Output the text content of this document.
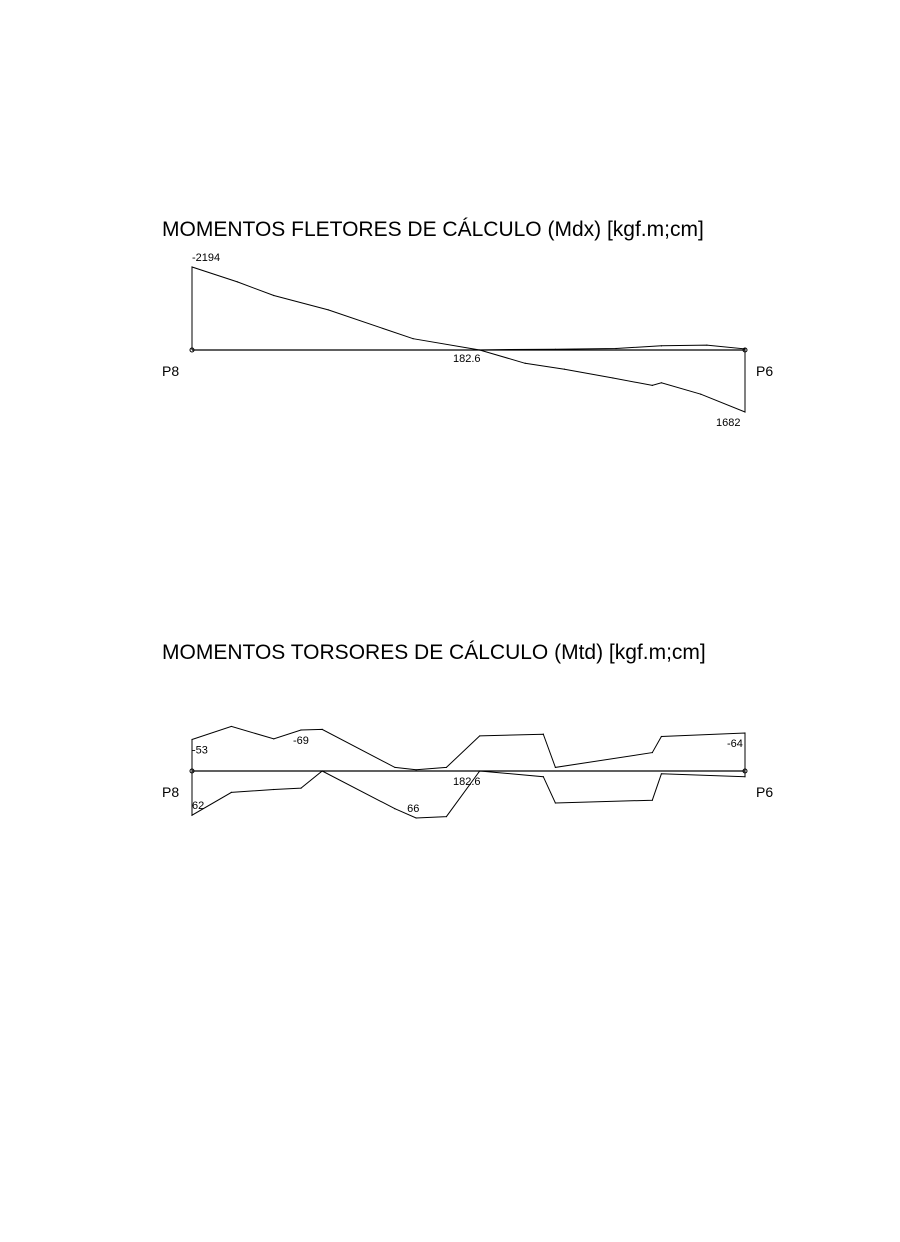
MOMENTOS FLETORES DE CÁLCULO (Mdx) [kgf.m;cm]
MOMENTOS TORSORES DE CÁLCULO (Mtd) [kgf.m;cm]
P8	P6
182.6
-2194
1682
P8	P6
182.6
62	66
-53
-69	-64
